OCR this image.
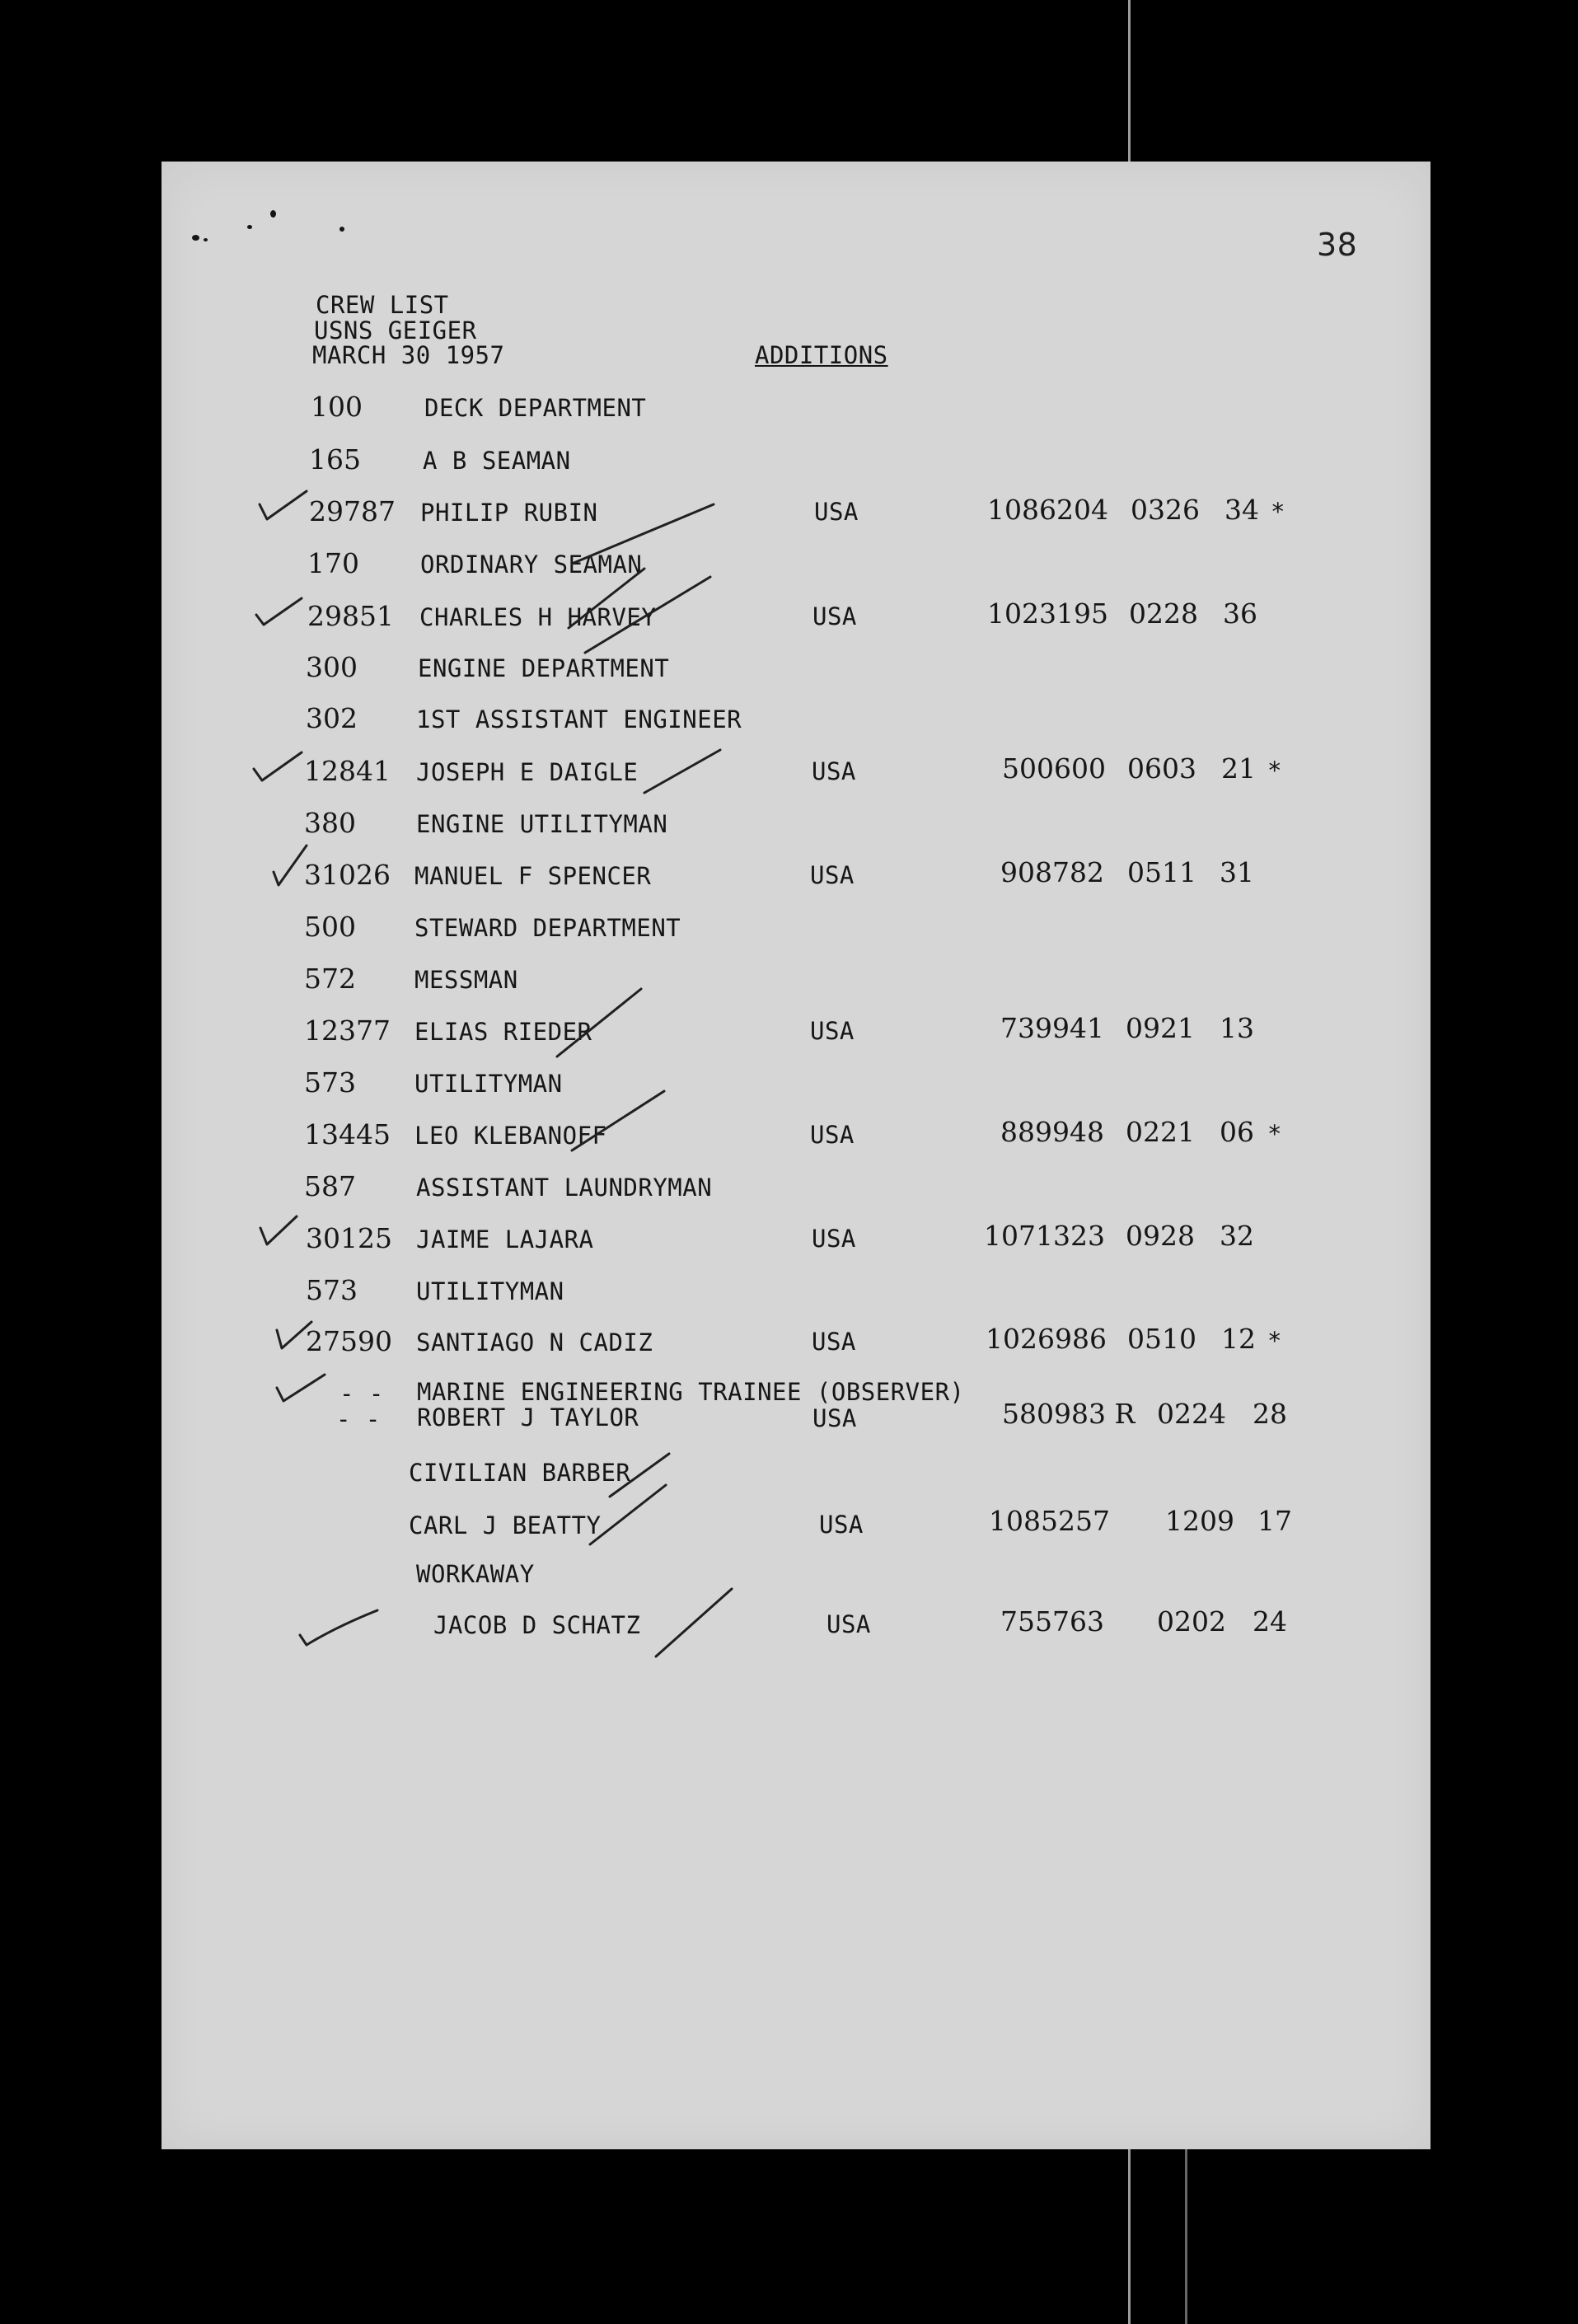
38
CREW LIST
USNS GEIGER
MARCH 30 1957	ADDITIONS
100	DECK DEPARTMENT
165	A B SEAMAN
29787 PHILIP RUBIN	USA	1086204 0326 34 *
170	ORDINARY SEAMAN
29851 CHARLES H HARVEY	USA	1023195 0228 36
300	ENGINE DEPARTMENT
302 1ST ASSISTANT ENGINEER
12841 JOSEPH E DAIGLE	USA	500600 0603 21 *
380	ENGINE UTILITYMAN
31026 MANUEL F SPENCER	USA	908782 0511 31
500 STEWARD DEPARTMENT
572 MESSMAN
12377 ELIAS RIEDER	USA	739941 0921 13
573 UTILITYMAN
13445 LEO KLEBANOFF	USA	889948 0221 06 *
587	ASSISTANT LAUNDRYMAN
30125 JAIME LAJARA	USA	1071323 0928 32
573 UTILITYMAN
27590 SANTIAGO N CADIZ	USA	1026986 0510 12 *
- - MARINE ENGINEERING TRAINEE (OBSERVER)
- - ROBERT J TAYLOR	USA	580983 R 0224 28
CIVILIAN BARBER
CARL J BEATTY	USA	1085257 1209 17
WORKAWAY
JACOB D SCHATZ	USA	755763 0202 24
